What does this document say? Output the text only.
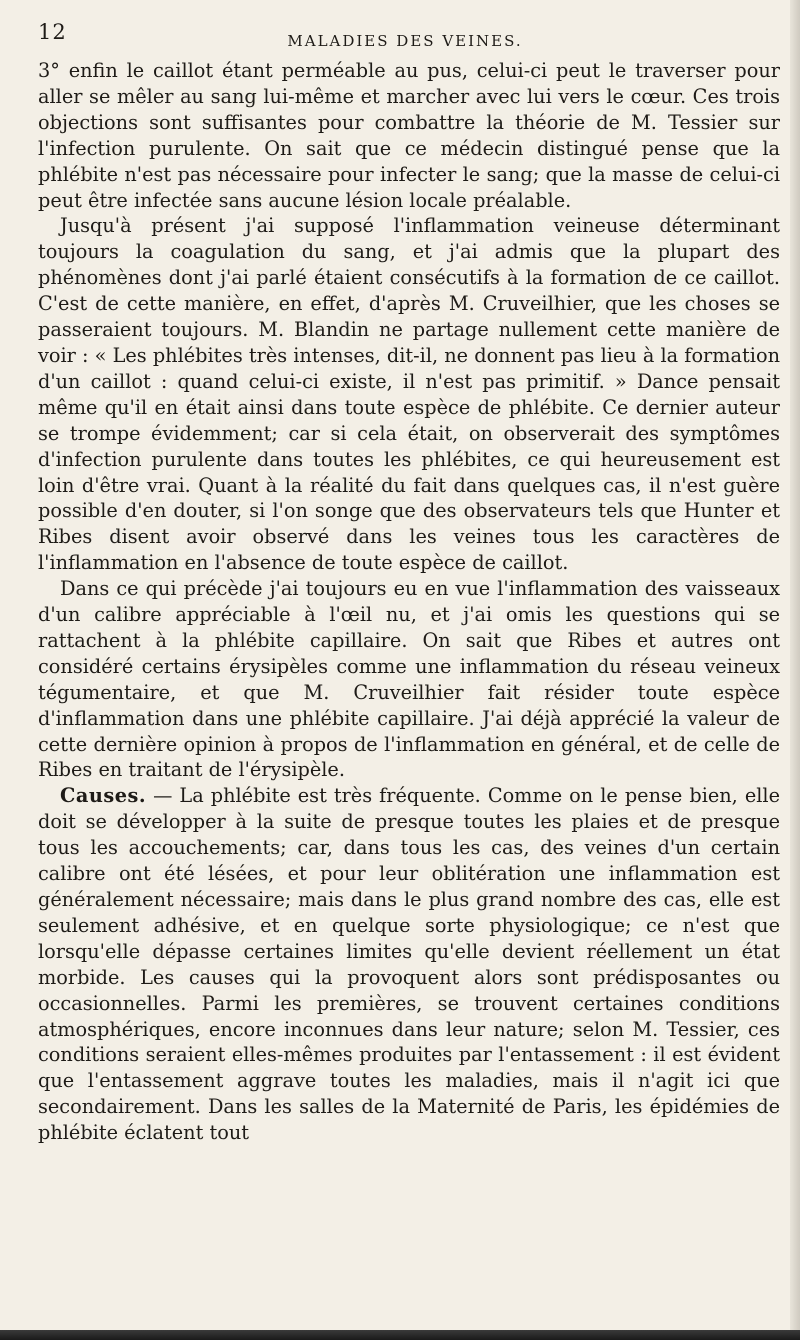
12	MALADIES DES VEINES.

3° enfin le caillot étant perméable au pus, celui-ci peut le traverser pour aller se mêler au sang lui-même et marcher avec lui vers le cœur. Ces trois objections sont suffisantes pour combattre la théorie de M. Tessier sur l'infection purulente. On sait que ce médecin distingué pense que la phlébite n'est pas nécessaire pour infecter le sang; que la masse de celui-ci peut être infectée sans aucune lésion locale préalable.

Jusqu'à présent j'ai supposé l'inflammation veineuse déterminant toujours la coagulation du sang, et j'ai admis que la plupart des phénomènes dont j'ai parlé étaient consécutifs à la formation de ce caillot. C'est de cette manière, en effet, d'après M. Cruveilhier, que les choses se passeraient toujours. M. Blandin ne partage nullement cette manière de voir : « Les phlébites très intenses, dit-il, ne donnent pas lieu à la formation d'un caillot : quand celui-ci existe, il n'est pas primitif. » Dance pensait même qu'il en était ainsi dans toute espèce de phlébite. Ce dernier auteur se trompe évidemment; car si cela était, on observerait des symptômes d'infection purulente dans toutes les phlébites, ce qui heureusement est loin d'être vrai. Quant à la réalité du fait dans quelques cas, il n'est guère possible d'en douter, si l'on songe que des observateurs tels que Hunter et Ribes disent avoir observé dans les veines tous les caractères de l'inflammation en l'absence de toute espèce de caillot.

Dans ce qui précède j'ai toujours eu en vue l'inflammation des vaisseaux d'un calibre appréciable à l'œil nu, et j'ai omis les questions qui se rattachent à la phlébite capillaire. On sait que Ribes et autres ont considéré certains érysipèles comme une inflammation du réseau veineux tégumentaire, et que M. Cruveilhier fait résider toute espèce d'inflammation dans une phlébite capillaire. J'ai déjà apprécié la valeur de cette dernière opinion à propos de l'inflammation en général, et de celle de Ribes en traitant de l'érysipèle.

Causes. — La phlébite est très fréquente. Comme on le pense bien, elle doit se développer à la suite de presque toutes les plaies et de presque tous les accouchements; car, dans tous les cas, des veines d'un certain calibre ont été lésées, et pour leur oblitération une inflammation est généralement nécessaire; mais dans le plus grand nombre des cas, elle est seulement adhésive, et en quelque sorte physiologique; ce n'est que lorsqu'elle dépasse certaines limites qu'elle devient réellement un état morbide. Les causes qui la provoquent alors sont prédisposantes ou occasionnelles. Parmi les premières, se trouvent certaines conditions atmosphériques, encore inconnues dans leur nature; selon M. Tessier, ces conditions seraient elles-mêmes produites par l'entassement : il est évident que l'entassement aggrave toutes les maladies, mais il n'agit ici que secondairement. Dans les salles de la Maternité de Paris, les épidémies de phlébite éclatent tout
